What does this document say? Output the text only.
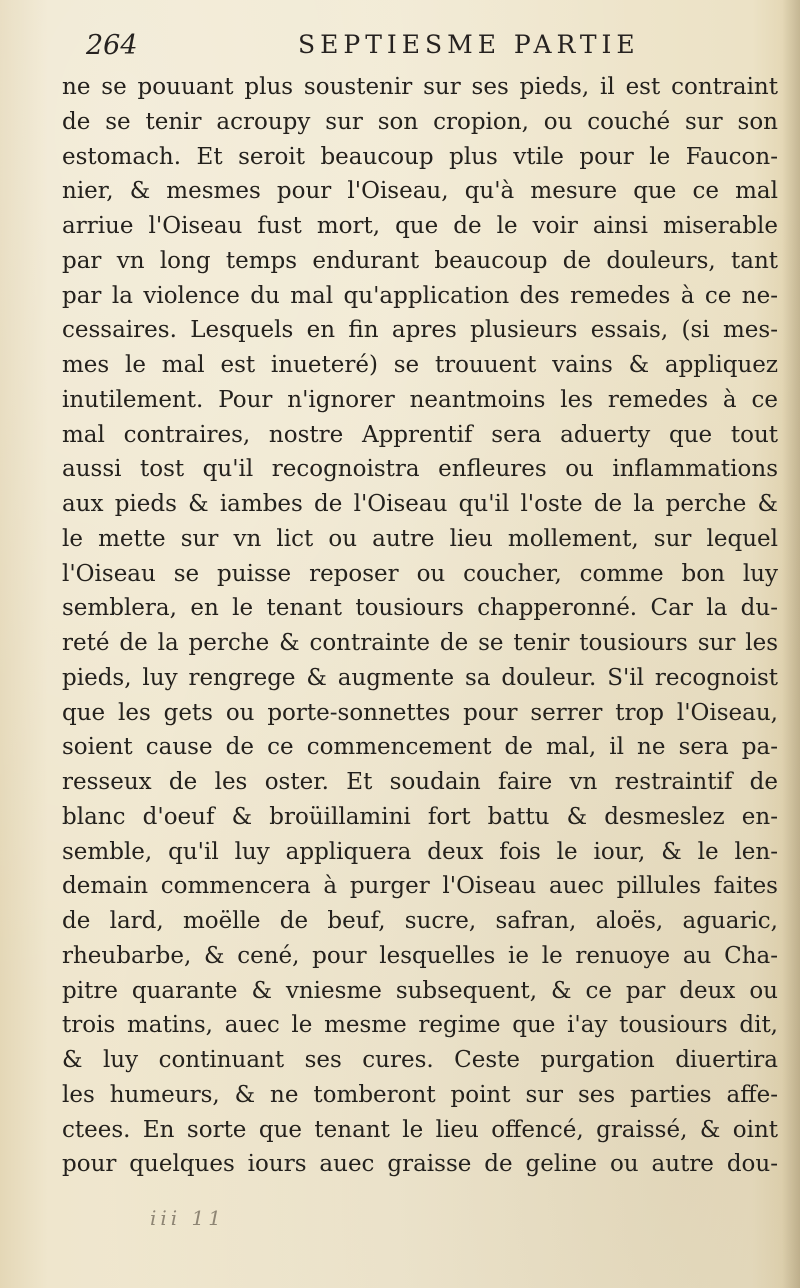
264	SEPTIESME PARTIE
ne se pouuant plus soustenir sur ses pieds, il est contraint
de se tenir acroupy sur son cropion, ou couché sur son
estomach. Et seroit beaucoup plus vtile pour le Faucon-
nier, & mesmes pour l'Oiseau, qu'à mesure que ce mal
arriue l'Oiseau fust mort, que de le voir ainsi miserable
par vn long temps endurant beaucoup de douleurs, tant
par la violence du mal qu'application des remedes à ce ne-
cessaires. Lesquels en fin apres plusieurs essais, (si mes-
mes le mal est inueteré) se trouuent vains & appliquez
inutilement. Pour n'ignorer neantmoins les remedes à ce
mal contraires, nostre Apprentif sera aduerty que tout
aussi tost qu'il recognoistra enfleures ou inflammations
aux pieds & iambes de l'Oiseau qu'il l'oste de la perche &
le mette sur vn lict ou autre lieu mollement, sur lequel
l'Oiseau se puisse reposer ou coucher, comme bon luy
semblera, en le tenant tousiours chapperonné. Car la du-
reté de la perche & contrainte de se tenir tousiours sur les
pieds, luy rengrege & augmente sa douleur. S'il recognoist
que les gets ou porte-sonnettes pour serrer trop l'Oiseau,
soient cause de ce commencement de mal, il ne sera pa-
resseux de les oster. Et soudain faire vn restraintif de
blanc d'oeuf & broüillamini fort battu & desmeslez en-
semble, qu'il luy appliquera deux fois le iour, & le len-
demain commencera à purger l'Oiseau auec pillules faites
de lard, moëlle de beuf, sucre, safran, aloës, aguaric,
rheubarbe, & cené, pour lesquelles ie le renuoye au Cha-
pitre quarante & vniesme subsequent, & ce par deux ou
trois matins, auec le mesme regime que i'ay tousiours dit,
& luy continuant ses cures. Ceste purgation diuertira
les humeurs, & ne tomberont point sur ses parties affe-
ctees. En sorte que tenant le lieu offencé, graissé, & oint
pour quelques iours auec graisse de geline ou autre dou-
iii 11
